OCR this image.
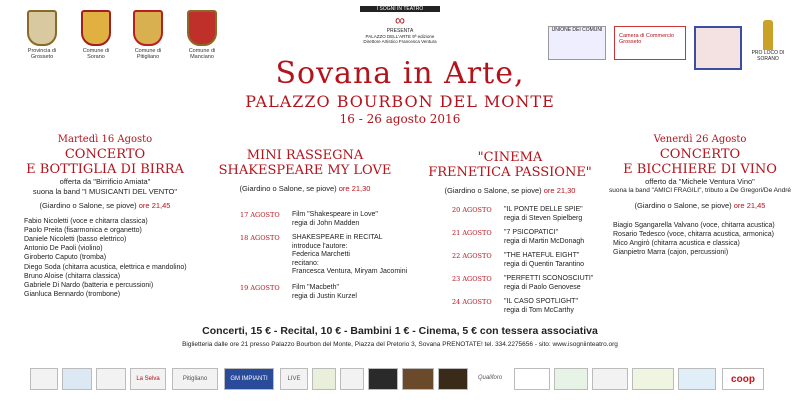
Provincia di
Grosseto
Comune di
Sorano
Comune di
Pitigliano
Comune di
Manciano
I SOGNI IN TEATRO
∞
PRESENTA
PALAZZO DELL'ARTE 9ª edizione
Direttore Artistico Francesca Ventura
UNIONE DEI COMUNI
Camera di Commercio
Grosseto
PRO LOCO DI SORANO
Sovana in Arte,
PALAZZO BOURBON DEL MONTE
16 - 26 agosto 2016
Martedì 16 Agosto
CONCERTO
E BOTTIGLIA DI BIRRA
offerta da "Birrificio Amiata"
suona la band "I MUSICANTI DEL VENTO"
(Giardino o Salone, se piove) ore 21,45
Fabio Nicoletti (voce e chitarra classica)
Paolo Preita (fisarmonica e organetto)
Daniele Nicoletti (basso elettrico)
Antonio De Paoli (violino)
Giroberto Caputo (tromba)
Diego Soda (chitarra acustica, elettrica e mandolino)
Bruno Aloise (chitarra classica)
Gabriele Di Nardo (batteria e percussioni)
Gianluca Bennardo (trombone)
MINI RASSEGNA
SHAKESPEARE MY LOVE
(Giardino o Salone, se piove) ore 21,30
17 AGOSTO Film "Shakespeare in Love"
regia di John Madden
18 AGOSTO SHAKESPEARE in RECITAL
introduce l'autore:
Federica Marchetti
recitano:
Francesca Ventura, Miryam Jacomini
19 AGOSTO Film "Macbeth"
regia di Justin Kurzel
"CINEMA
FRENETICA PASSIONE"
(Giardino o Salone, se piove) ore 21,30
20 AGOSTO "IL PONTE DELLE SPIE"
regia di Steven Spielberg
21 AGOSTO "7 PSICOPATICI"
regia di Martin McDonagh
22 AGOSTO "THE HATEFUL EIGHT"
regia di Quentin Tarantino
23 AGOSTO "PERFETTI SCONOSCIUTI"
regia di Paolo Genovese
24 AGOSTO "IL CASO SPOTLIGHT"
regia di Tom McCarthy
Venerdì 26 Agosto
CONCERTO
E BICCHIERE DI VINO
offerto da "Michele Ventura Vino"
suona la band "AMICI FRAGILI", tributo a De Gregori/De André
(Giardino o Salone, se piove) ore 21,45
Biagio Sgangarella Valvano (voce, chitarra acustica)
Rosario Tedesco (voce, chitarra acustica, armonica)
Mico Angirò (chitarra acustica e classica)
Gianpietro Marra (cajon, percussioni)
Concerti, 15 € - Recital, 10 € - Bambini 1 € - Cinema, 5 € con tessera associativa
Biglietteria dalle ore 21 presso Palazzo Bourbon del Monte, Piazza del Pretorio 3, Sovana PRENOTATE! tel. 334.2275656 - sito: www.isogniinteatro.org
La Selva	Pitigliano	GM IMPIANTI	LIVE	Qualiforo	coop
